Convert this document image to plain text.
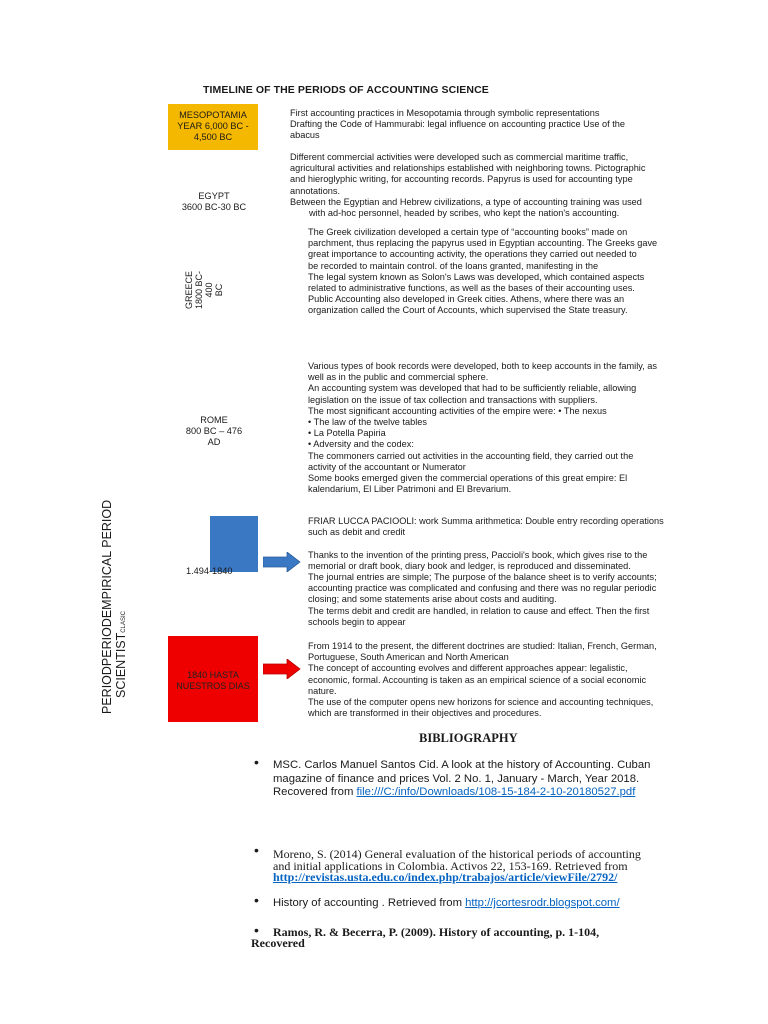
TIMELINE OF THE PERIODS OF ACCOUNTING SCIENCE
MESOPOTAMIA
YEAR 6,000 BC -
4,500 BC
First accounting practices in Mesopotamia through symbolic representations
Drafting the Code of Hammurabi: legal influence on accounting practice Use of the
abacus
EGYPT
3600 BC-30 BC
Different commercial activities were developed such as commercial maritime traffic,
agricultural activities and relationships established with neighboring towns. Pictographic
and hieroglyphic writing, for accounting records. Papyrus is used for accounting type
annotations.
Between the Egyptian and Hebrew civilizations, a type of accounting training was used
with ad-hoc personnel, headed by scribes, who kept the nation's accounting.
GREECE 1800 BC- 400 BC
The Greek civilization developed a certain type of “accounting books” made on
parchment, thus replacing the papyrus used in Egyptian accounting. The Greeks gave
great importance to accounting activity, the operations they carried out needed to
be recorded to maintain control. of the loans granted, manifesting in the
The legal system known as Solon's Laws was developed, which contained aspects
related to administrative functions, as well as the bases of their accounting uses.
Public Accounting also developed in Greek cities. Athens, where there was an
organization called the Court of Accounts, which supervised the State treasury.
ROME
800 BC – 476
AD
Various types of book records were developed, both to keep accounts in the family, as
well as in the public and commercial sphere.
An accounting system was developed that had to be sufficiently reliable, allowing
legislation on the issue of tax collection and transactions with suppliers.
The most significant accounting activities of the empire were: • The nexus
• The law of the twelve tables
• La Potella Papiria
• Adversity and the codex:
The commoners carried out activities in the accounting field, they carried out the
activity of the accountant or Numerator
Some books emerged given the commercial operations of this great empire: El
kalendarium, El Liber Patrimoni and El Brevarium.
1.494-1840
FRIAR LUCCA PACIOOLI: work Summa arithmetica: Double entry recording operations
such as debit and credit
Thanks to the invention of the printing press, Paccioli's book, which gives rise to the
memorial or draft book, diary book and ledger, is reproduced and disseminated.
The journal entries are simple; The purpose of the balance sheet is to verify accounts;
accounting practice was complicated and confusing and there was no regular periodic
closing; and some statements arise about costs and auditing.
The terms debit and credit are handled, in relation to cause and effect. Then the first
schools begin to appear
1840 HASTA
NUESTROS DIAS
From 1914 to the present, the different doctrines are studied: Italian, French, German,
Portuguese, South American and North American
The concept of accounting evolves and different approaches appear: legalistic,
economic, formal. Accounting is taken as an empirical science of a social economic
nature.
The use of the computer opens new horizons for science and accounting techniques,
which are transformed in their objectives and procedures.
PERIODPERIODEMPIRICAL PERIOD SCIENTISTCLASIC
BIBLIOGRAPHY
• MSC. Carlos Manuel Santos Cid. A look at the history of Accounting. Cuban
magazine of finance and prices Vol. 2 No. 1, January - March, Year 2018.
Recovered from file:///C:/info/Downloads/108-15-184-2-10-20180527.pdf
• Moreno, S. (2014) General evaluation of the historical periods of accounting
and initial applications in Colombia. Activos 22, 153-169. Retrieved from
http://revistas.usta.edu.co/index.php/trabajos/article/viewFile/2792/
• History of accounting . Retrieved from http://jcortesrodr.blogspot.com/
• Ramos, R. & Becerra, P. (2009). History of accounting, p. 1-104,
Recovered
